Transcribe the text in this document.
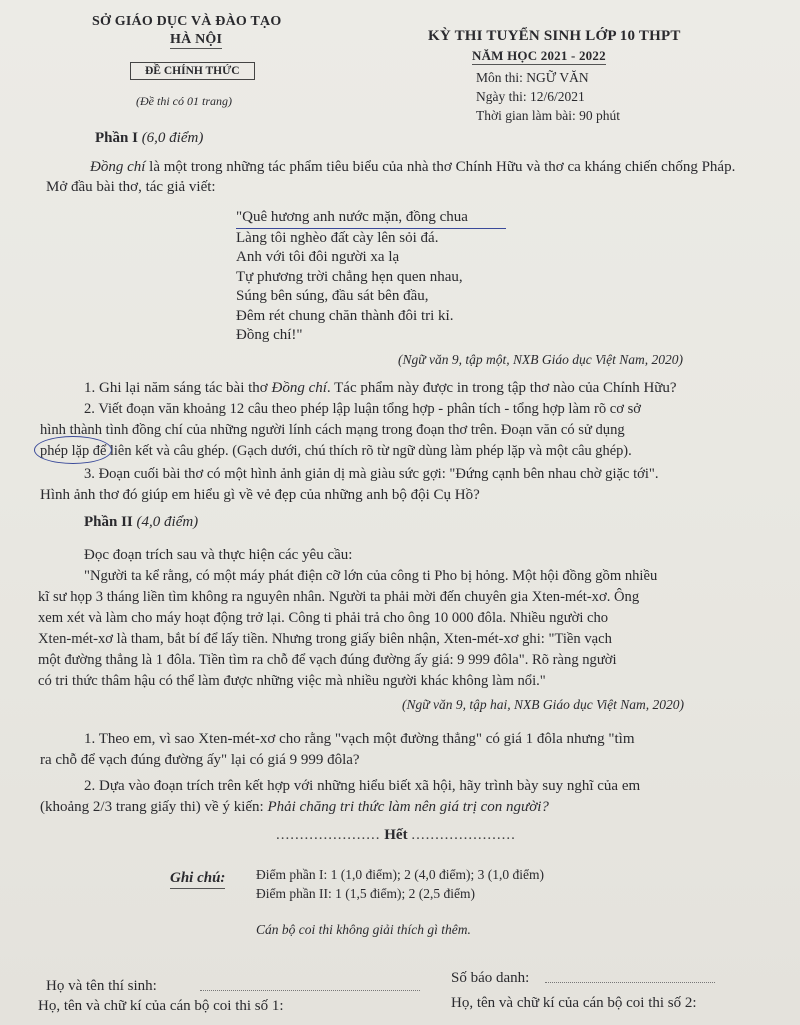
SỞ GIÁO DỤC VÀ ĐÀO TẠO
HÀ NỘI
ĐỀ CHÍNH THỨC
(Đề thi có 01 trang)
KỲ THI TUYỂN SINH LỚP 10 THPT
NĂM HỌC 2021 - 2022
Môn thi: NGỮ VĂN
Ngày thi: 12/6/2021
Thời gian làm bài: 90 phút
Phần I (6,0 điểm)
Đồng chí là một trong những tác phẩm tiêu biểu của nhà thơ Chính Hữu và thơ ca kháng chiến chống Pháp. Mở đầu bài thơ, tác giả viết:
"Quê hương anh nước mặn, đồng chua
Làng tôi nghèo đất cày lên sỏi đá.
Anh với tôi đôi người xa lạ
Tự phương trời chẳng hẹn quen nhau,
Súng bên súng, đầu sát bên đầu,
Đêm rét chung chăn thành đôi tri kỉ.
Đồng chí!"
(Ngữ văn 9, tập một, NXB Giáo dục Việt Nam, 2020)
1. Ghi lại năm sáng tác bài thơ Đồng chí. Tác phẩm này được in trong tập thơ nào của Chính Hữu?
2. Viết đoạn văn khoảng 12 câu theo phép lập luận tổng hợp - phân tích - tổng hợp làm rõ cơ sở
hình thành tình đồng chí của những người lính cách mạng trong đoạn thơ trên. Đoạn văn có sử dụng
phép lặp để liên kết và câu ghép. (Gạch dưới, chú thích rõ từ ngữ dùng làm phép lặp và một câu ghép).
3. Đoạn cuối bài thơ có một hình ảnh giản dị mà giàu sức gợi: "Đứng cạnh bên nhau chờ giặc tới".
Hình ảnh thơ đó giúp em hiểu gì về vẻ đẹp của những anh bộ đội Cụ Hồ?
Phần II (4,0 điểm)
Đọc đoạn trích sau và thực hiện các yêu cầu:
"Người ta kể rằng, có một máy phát điện cỡ lớn của công ti Pho bị hỏng. Một hội đồng gồm nhiều
kĩ sư họp 3 tháng liền tìm không ra nguyên nhân. Người ta phải mời đến chuyên gia Xten-mét-xơ. Ông
xem xét và làm cho máy hoạt động trở lại. Công ti phải trả cho ông 10 000 đôla. Nhiều người cho
Xten-mét-xơ là tham, bắt bí để lấy tiền. Nhưng trong giấy biên nhận, Xten-mét-xơ ghi: "Tiền vạch
một đường thẳng là 1 đôla. Tiền tìm ra chỗ để vạch đúng đường ấy giá: 9 999 đôla". Rõ ràng người
có tri thức thâm hậu có thể làm được những việc mà nhiều người khác không làm nổi."
(Ngữ văn 9, tập hai, NXB Giáo dục Việt Nam, 2020)
1. Theo em, vì sao Xten-mét-xơ cho rằng "vạch một đường thẳng" có giá 1 đôla nhưng "tìm
ra chỗ để vạch đúng đường ấy" lại có giá 9 999 đôla?
2. Dựa vào đoạn trích trên kết hợp với những hiểu biết xã hội, hãy trình bày suy nghĩ của em
(khoảng 2/3 trang giấy thi) về ý kiến: Phải chăng tri thức làm nên giá trị con người?
...................... Hết ......................
Ghi chú: Điểm phần I: 1 (1,0 điểm); 2 (4,0 điểm); 3 (1,0 điểm)
Điểm phần II: 1 (1,5 điểm); 2 (2,5 điểm)
Cán bộ coi thi không giải thích gì thêm.
Họ và tên thí sinh:	Số báo danh:
Họ, tên và chữ kí của cán bộ coi thi số 1:	Họ, tên và chữ kí của cán bộ coi thi số 2:
